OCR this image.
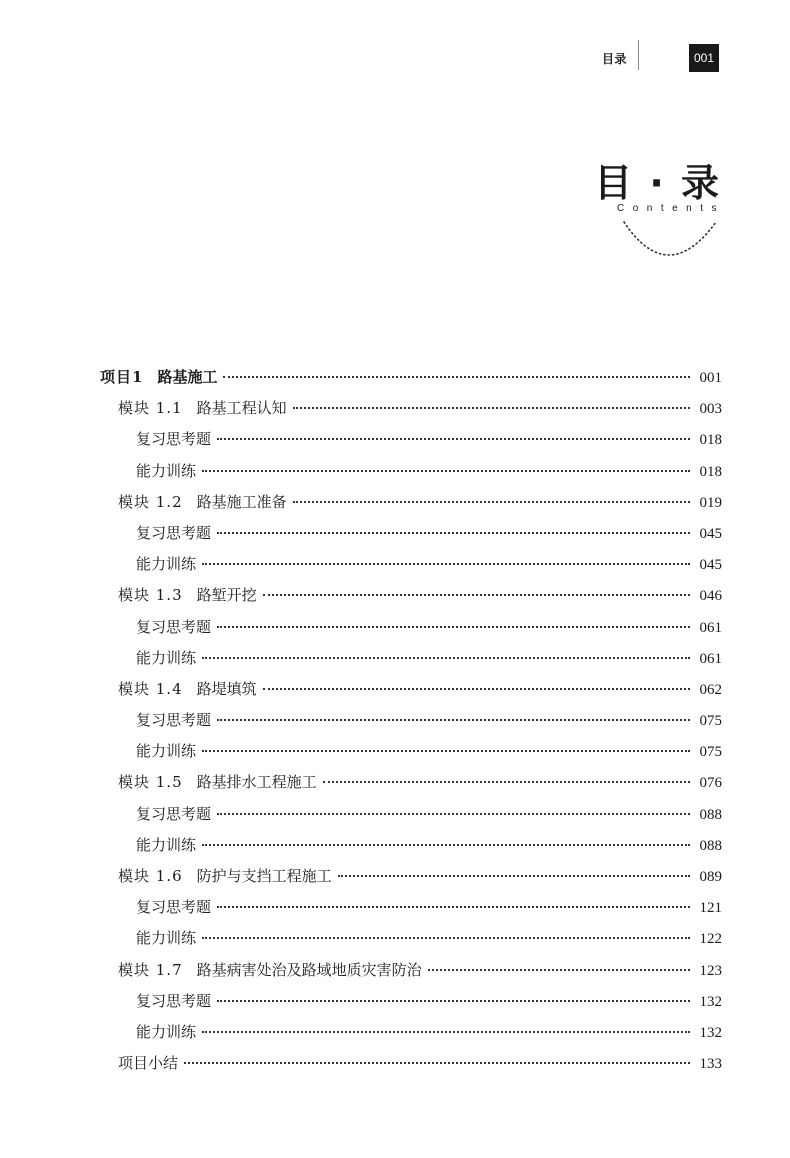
目录	001
目 · 录
Contents
项目1 路基施工	001
模块 1.1 路基工程认知	003
复习思考题	018
能力训练	018
模块 1.2 路基施工准备	019
复习思考题	045
能力训练	045
模块 1.3 路堑开挖	046
复习思考题	061
能力训练	061
模块 1.4 路堤填筑	062
复习思考题	075
能力训练	075
模块 1.5 路基排水工程施工	076
复习思考题	088
能力训练	088
模块 1.6 防护与支挡工程施工	089
复习思考题	121
能力训练	122
模块 1.7 路基病害处治及路域地质灾害防治	123
复习思考题	132
能力训练	132
项目小结	133
